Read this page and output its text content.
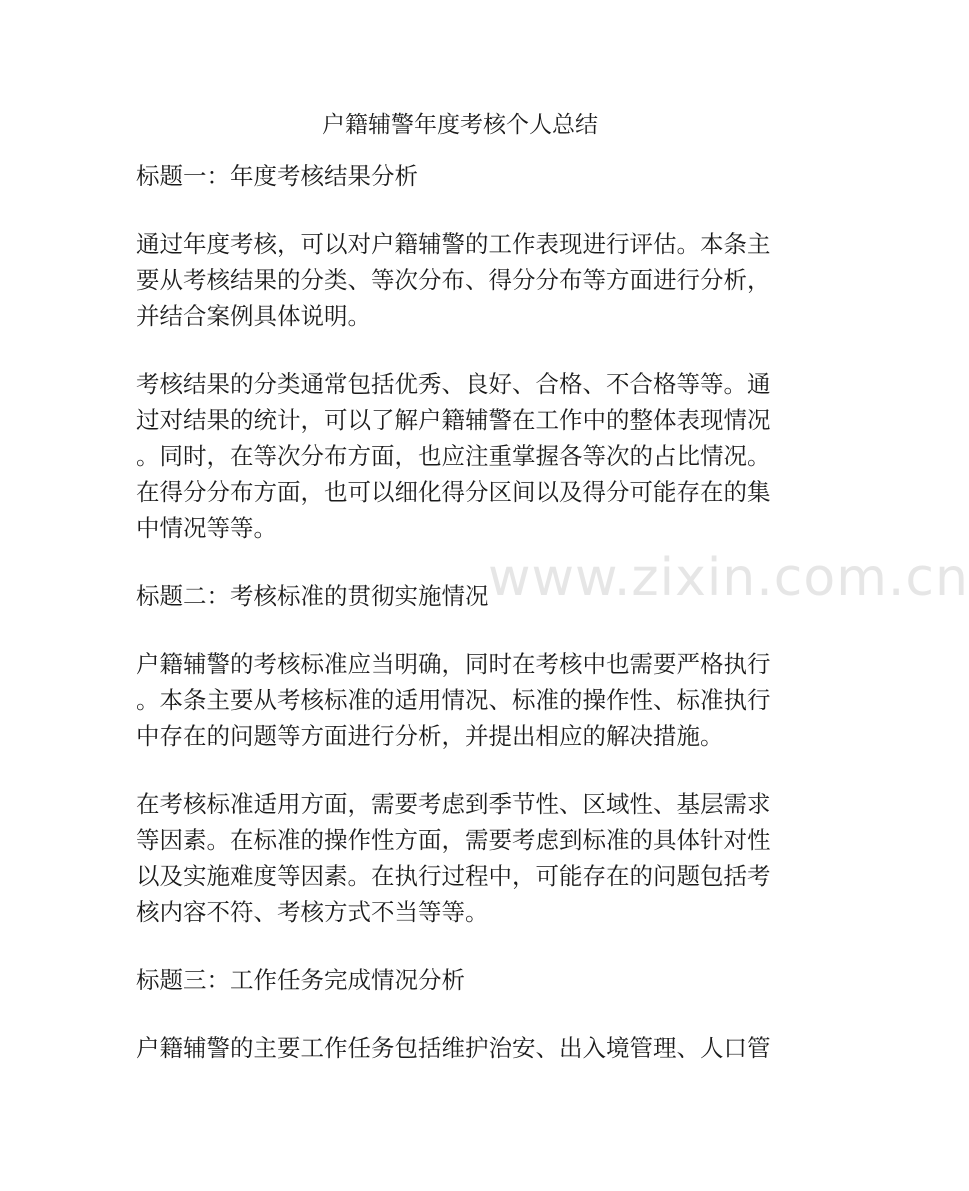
www.zixin.com.cn
户籍辅警年度考核个人总结

标题一：年度考核结果分析

通过年度考核，可以对户籍辅警的工作表现进行评估。本条主

要从考核结果的分类、等次分布、得分分布等方面进行分析，

并结合案例具体说明。

考核结果的分类通常包括优秀、良好、合格、不合格等等。通

过对结果的统计，可以了解户籍辅警在工作中的整体表现情况

。同时，在等次分布方面，也应注重掌握各等次的占比情况。

在得分分布方面，也可以细化得分区间以及得分可能存在的集

中情况等等。

标题二：考核标准的贯彻实施情况

户籍辅警的考核标准应当明确，同时在考核中也需要严格执行

。本条主要从考核标准的适用情况、标准的操作性、标准执行

中存在的问题等方面进行分析，并提出相应的解决措施。

在考核标准适用方面，需要考虑到季节性、区域性、基层需求

等因素。在标准的操作性方面，需要考虑到标准的具体针对性

以及实施难度等因素。在执行过程中，可能存在的问题包括考

核内容不符、考核方式不当等等。

标题三：工作任务完成情况分析

户籍辅警的主要工作任务包括维护治安、出入境管理、人口管
